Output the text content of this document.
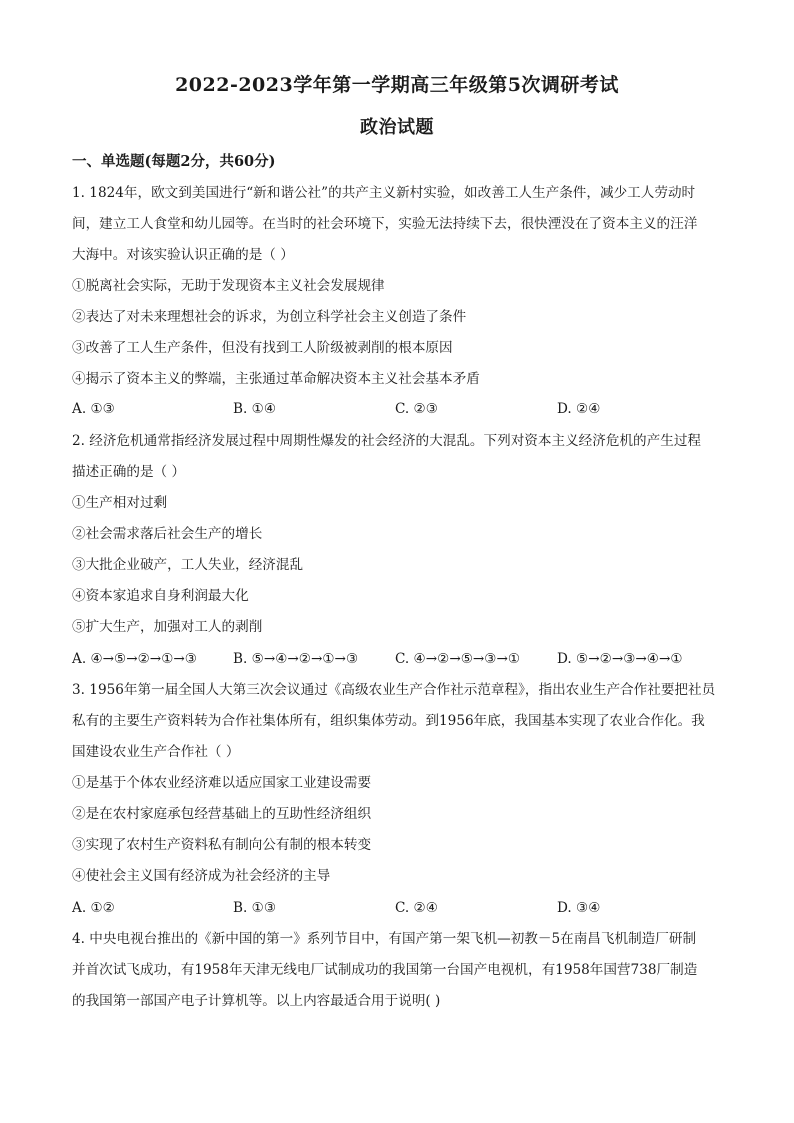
2022-2023学年第一学期高三年级第5次调研考试
政治试题
一、单选题(每题2分，共60分)
1. 1824年，欧文到美国进行“新和谐公社”的共产主义新村实验，如改善工人生产条件，减少工人劳动时
间，建立工人食堂和幼儿园等。在当时的社会环境下，实验无法持续下去，很快湮没在了资本主义的汪洋
大海中。对该实验认识正确的是（ ）
①脱离社会实际，无助于发现资本主义社会发展规律
②表达了对未来理想社会的诉求，为创立科学社会主义创造了条件
③改善了工人生产条件，但没有找到工人阶级被剥削的根本原因
④揭示了资本主义的弊端，主张通过革命解决资本主义社会基本矛盾
A. ①③	B. ①④	C. ②③	D. ②④
2. 经济危机通常指经济发展过程中周期性爆发的社会经济的大混乱。下列对资本主义经济危机的产生过程
描述正确的是（ ）
①生产相对过剩
②社会需求落后社会生产的增长
③大批企业破产，工人失业，经济混乱
④资本家追求自身利润最大化
⑤扩大生产，加强对工人的剥削
A. ④→⑤→②→①→③	B. ⑤→④→②→①→③	C. ④→②→⑤→③→①	D. ⑤→②→③→④→①
3. 1956年第一届全国人大第三次会议通过《高级农业生产合作社示范章程》，指出农业生产合作社要把社员
私有的主要生产资料转为合作社集体所有，组织集体劳动。到1956年底，我国基本实现了农业合作化。我
国建设农业生产合作社（ ）
①是基于个体农业经济难以适应国家工业建设需要
②是在农村家庭承包经营基础上的互助性经济组织
③实现了农村生产资料私有制向公有制的根本转变
④使社会主义国有经济成为社会经济的主导
A. ①②	B. ①③	C. ②④	D. ③④
4. 中央电视台推出的《新中国的第一》系列节目中，有国产第一架飞机—初教－5在南昌飞机制造厂研制
并首次试飞成功，有1958年天津无线电厂试制成功的我国第一台国产电视机，有1958年国营738厂制造
的我国第一部国产电子计算机等。以上内容最适合用于说明( )
